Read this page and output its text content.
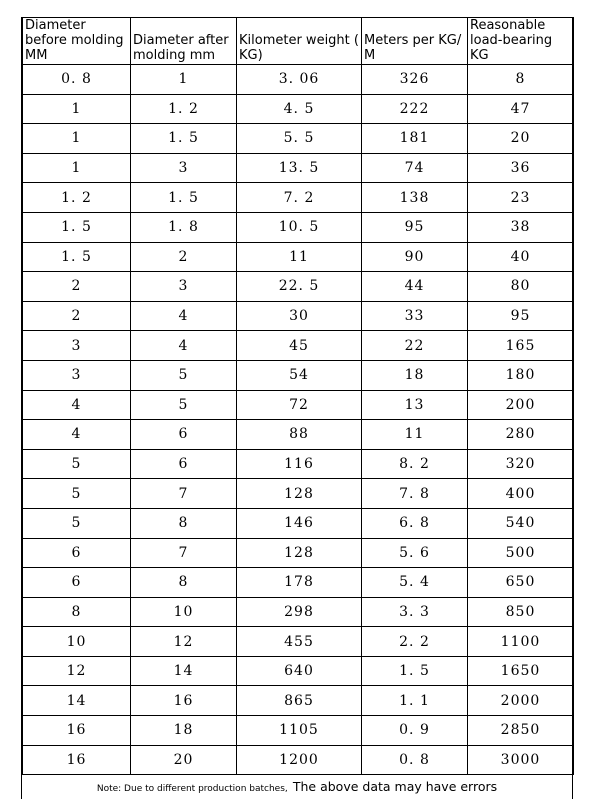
Diameter before molding MM	Diameter after molding mm	Kilometer weight ( KG)	Meters per KG/ M	Reasonable load-bearing KG
0. 8	1	3. 06	326	8
1	1. 2	4. 5	222	47
1	1. 5	5. 5	181	20
1	3	13. 5	74	36
1. 2	1. 5	7. 2	138	23
1. 5	1. 8	10. 5	95	38
1. 5	2	11	90	40
2	3	22. 5	44	80
2	4	30	33	95
3	4	45	22	165
3	5	54	18	180
4	5	72	13	200
4	6	88	11	280
5	6	116	8. 2	320
5	7	128	7. 8	400
5	8	146	6. 8	540
6	7	128	5. 6	500
6	8	178	5. 4	650
8	10	298	3. 3	850
10	12	455	2. 2	1100
12	14	640	1. 5	1650
14	16	865	1. 1	2000
16	18	1105	0. 9	2850
16	20	1200	0. 8	3000
Note: Due to different production batches, The above data may have errors
